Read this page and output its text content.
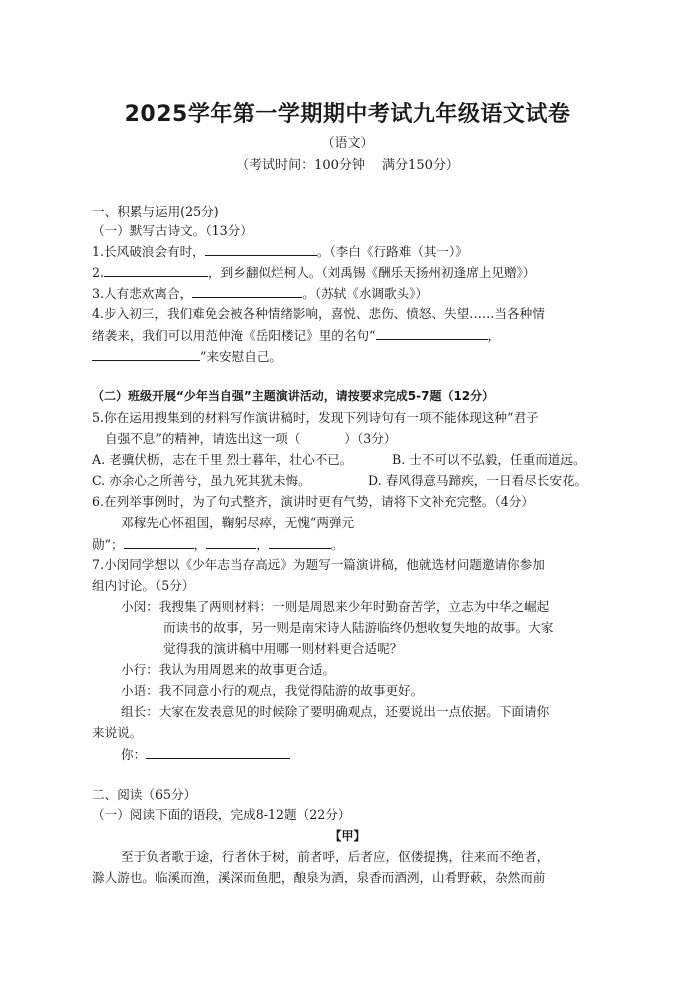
2025学年第一学期期中考试九年级语文试卷
（语文）
（考试时间：100分钟　 满分150分）
一、积累与运用(25分)
（一）默写古诗文。（13分）
1.长风破浪会有时，	。（李白《行路难（其一）》
2.	，到乡翻似烂柯人。（刘禹锡《酬乐天扬州初逢席上见赠》）
3.人有悲欢离合，	。（苏轼《水调歌头》）
4.步入初三，我们难免会被各种情绪影响，喜悦、悲伤、愤怒、失望……当各种情
绪袭来，我们可以用范仲淹《岳阳楼记》里的名句“	，
”来安慰自己。
（二）班级开展“少年当自强”主题演讲活动，请按要求完成5-7题（12分）
5.你在运用搜集到的材料写作演讲稿时，发现下列诗句有一项不能体现这种“君子
自强不息”的精神，请选出这一项（	）（3分）
A. 老骥伏枥，志在千里 烈士暮年，壮心不已。	B. 士不可以不弘毅，任重而道远。
C. 亦余心之所善兮，虽九死其犹未悔。	D. 春风得意马蹄疾，一日看尽长安花。
6.在列举事例时，为了句式整齐，演讲时更有气势，请将下文补充完整。（4分）
邓稼先心怀祖国，鞠躬尽瘁，无愧“两弹元
勋”；	，	，	。
7.小闵同学想以《少年志当存高远》为题写一篇演讲稿，他就选材问题邀请你参加
组内讨论。（5分）
小闵：我搜集了两则材料：一则是周恩来少年时勤奋苦学，立志为中华之崛起
而读书的故事，另一则是南宋诗人陆游临终仍想收复失地的故事。大家
觉得我的演讲稿中用哪一则材料更合适呢？
小行：我认为用周恩来的故事更合适。
小语：我不同意小行的观点，我觉得陆游的故事更好。
组长：大家在发表意见的时候除了要明确观点，还要说出一点依据。下面请你
来说说。
你：
二、阅读（65分）
（一）阅读下面的语段，完成8-12题（22分）
【甲】
至于负者歌于途，行者休于树，前者呼，后者应，伛偻提携，往来而不绝者，
滁人游也。临溪而渔，溪深而鱼肥，酿泉为酒，泉香而酒洌，山肴野蔌，杂然而前
